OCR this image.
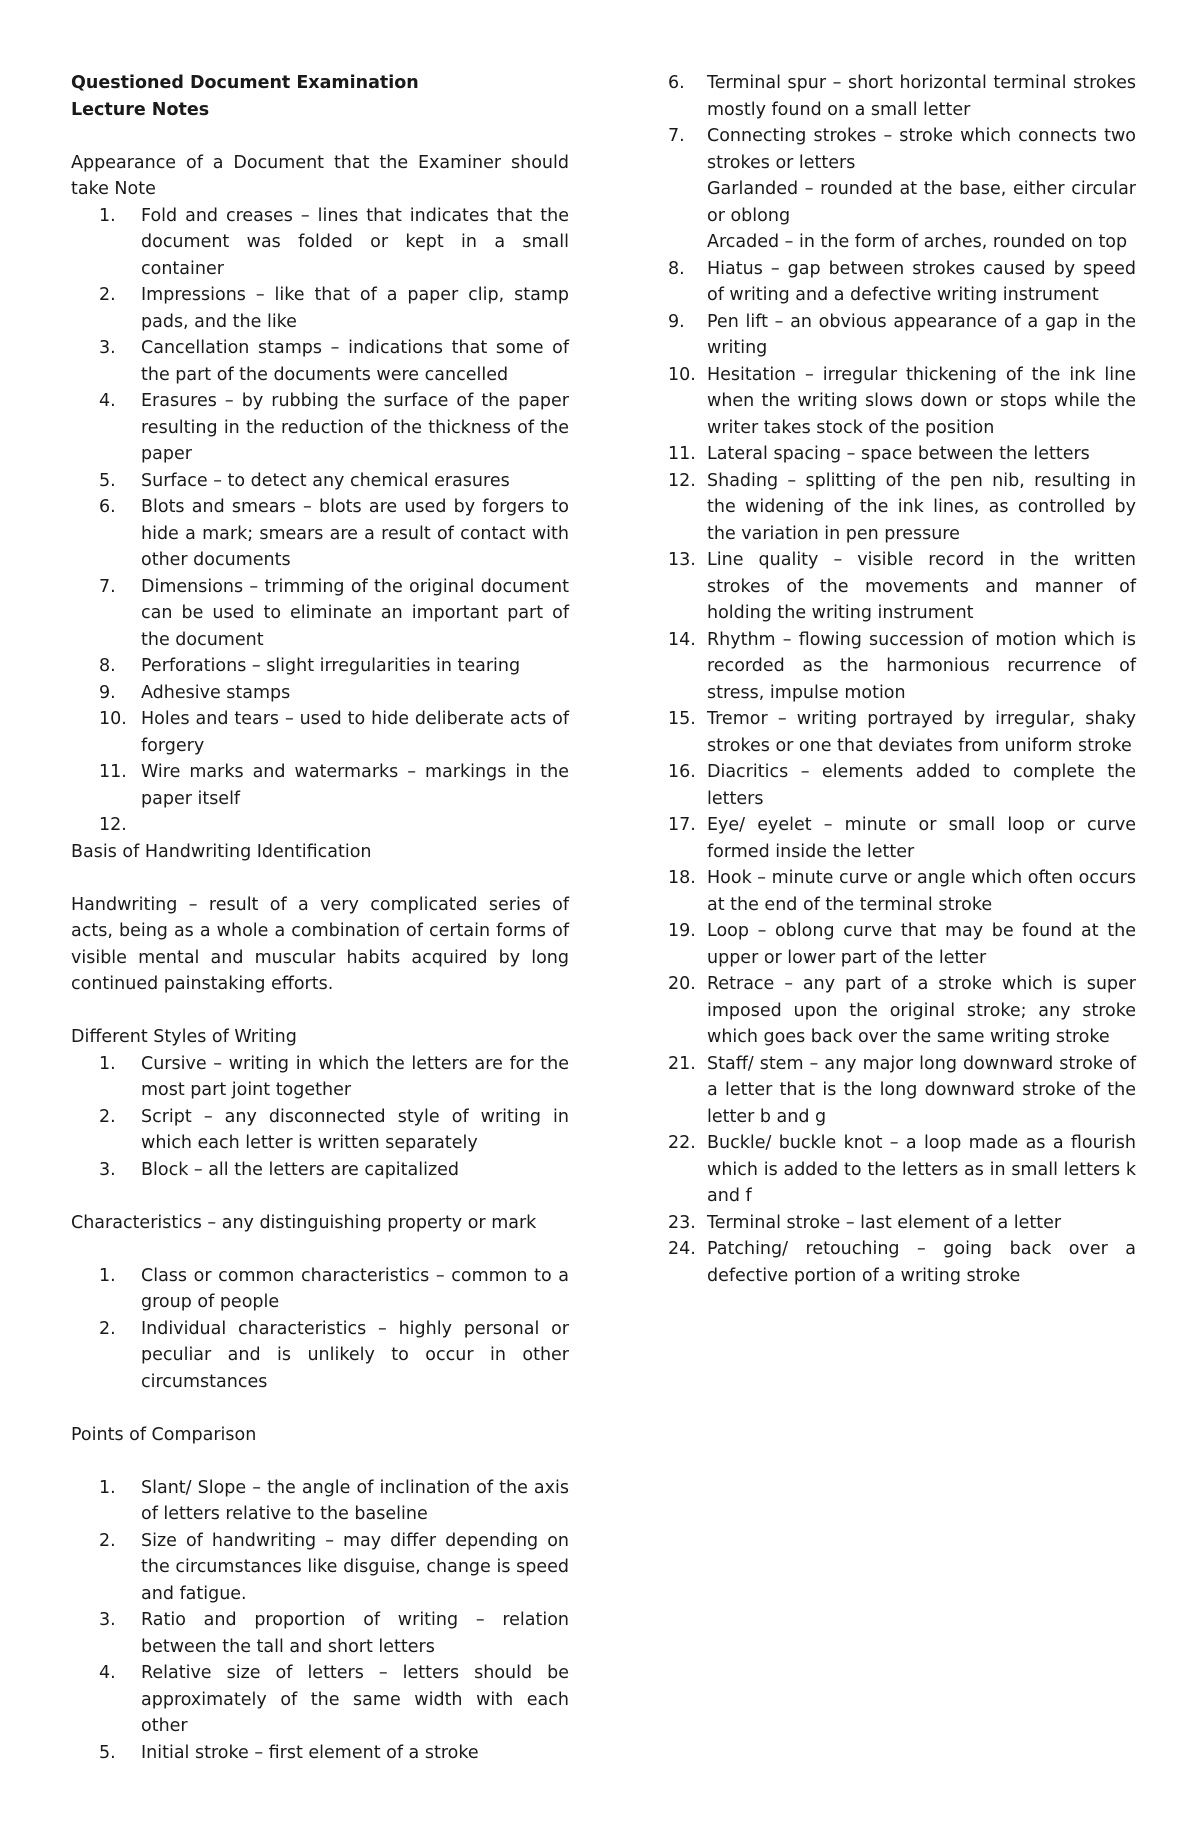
Questioned Document Examination

Lecture Notes

Appearance of a Document that the Examiner should take Note

1.	Fold and creases – lines that indicates that the document was folded or kept in a small container
2.	Impressions – like that of a paper clip, stamp pads, and the like
3.	Cancellation stamps – indications that some of the part of the documents were cancelled
4.	Erasures – by rubbing the surface of the paper resulting in the reduction of the thickness of the paper
5.	Surface – to detect any chemical erasures
6.	Blots and smears – blots are used by forgers to hide a mark; smears are a result of contact with other documents
7.	Dimensions – trimming of the original document can be used to eliminate an important part of the document
8.	Perforations – slight irregularities in tearing
9.	Adhesive stamps
10. Holes and tears – used to hide deliberate acts of forgery
11. Wire marks and watermarks – markings in the paper itself
12.

Basis of Handwriting Identification

Handwriting – result of a very complicated series of acts, being as a whole a combination of certain forms of visible mental and muscular habits acquired by long continued painstaking efforts.

Different Styles of Writing

1.	Cursive – writing in which the letters are for the most part joint together
2.	Script – any disconnected style of writing in which each letter is written separately
3.	Block – all the letters are capitalized

Characteristics – any distinguishing property or mark

1.	Class or common characteristics – common to a group of people
2.	Individual characteristics – highly personal or peculiar and is unlikely to occur in other circumstances

Points of Comparison

1.	Slant/ Slope – the angle of inclination of the axis of letters relative to the baseline
2.	Size of handwriting – may differ depending on the circumstances like disguise, change is speed and fatigue.
3.	Ratio and proportion of writing – relation between the tall and short letters
4.	Relative size of letters – letters should be approximately of the same width with each other
5.	Initial stroke – first element of a stroke
6.	Terminal spur – short horizontal terminal strokes mostly found on a small letter
7.	Connecting strokes – stroke which connects two strokes or letters

Garlanded – rounded at the base, either circular or oblong

Arcaded – in the form of arches, rounded on top

8.	Hiatus – gap between strokes caused by speed of writing and a defective writing instrument
9.	Pen lift – an obvious appearance of a gap in the writing
10. Hesitation – irregular thickening of the ink line when the writing slows down or stops while the writer takes stock of the position
11. Lateral spacing – space between the letters
12. Shading – splitting of the pen nib, resulting in the widening of the ink lines, as controlled by the variation in pen pressure
13. Line quality – visible record in the written strokes of the movements and manner of holding the writing instrument
14. Rhythm – flowing succession of motion which is recorded as the harmonious recurrence of stress, impulse motion
15. Tremor – writing portrayed by irregular, shaky strokes or one that deviates from uniform stroke
16. Diacritics – elements added to complete the letters
17. Eye/ eyelet – minute or small loop or curve formed inside the letter
18. Hook – minute curve or angle which often occurs at the end of the terminal stroke
19. Loop – oblong curve that may be found at the upper or lower part of the letter
20. Retrace – any part of a stroke which is super imposed upon the original stroke; any stroke which goes back over the same writing stroke
21. Staff/ stem – any major long downward stroke of a letter that is the long downward stroke of the letter b and g
22. Buckle/ buckle knot – a loop made as a flourish which is added to the letters as in small letters k and f
23. Terminal stroke – last element of a letter
24. Patching/ retouching – going back over a defective portion of a writing stroke
